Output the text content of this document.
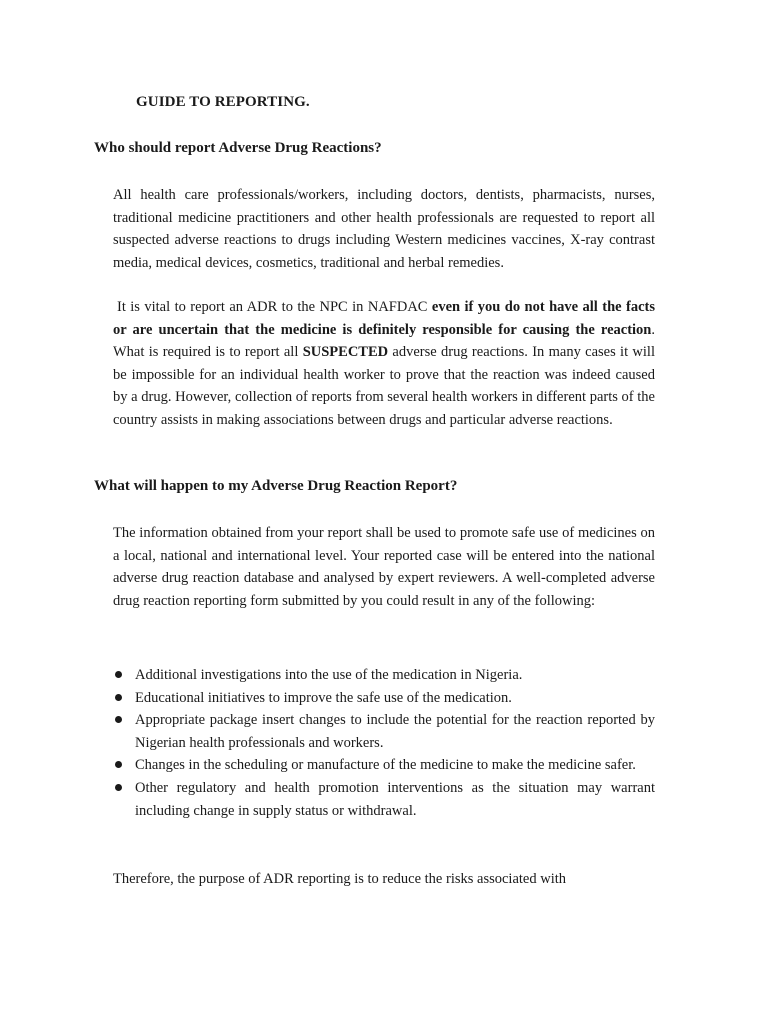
GUIDE TO REPORTING.
Who should report Adverse Drug Reactions?

All health care professionals/workers, including doctors, dentists, pharmacists, nurses, traditional medicine practitioners and other health professionals are requested to report all suspected adverse reactions to drugs including Western medicines vaccines, X-ray contrast media, medical devices, cosmetics, traditional and herbal remedies.

It is vital to report an ADR to the NPC in NAFDAC even if you do not have all the facts or are uncertain that the medicine is definitely responsible for causing the reaction. What is required is to report all SUSPECTED adverse drug reactions. In many cases it will be impossible for an individual health worker to prove that the reaction was indeed caused by a drug. However, collection of reports from several health workers in different parts of the country assists in making associations between drugs and particular adverse reactions.

What will happen to my Adverse Drug Reaction Report?

The information obtained from your report shall be used to promote safe use of medicines on a local, national and international level. Your reported case will be entered into the national adverse drug reaction database and analysed by expert reviewers. A well-completed adverse drug reaction reporting form submitted by you could result in any of the following:

Additional investigations into the use of the medication in Nigeria.
Educational initiatives to improve the safe use of the medication.
Appropriate package insert changes to include the potential for the reaction reported by Nigerian health professionals and workers.
Changes in the scheduling or manufacture of the medicine to make the medicine safer.
Other regulatory and health promotion interventions as the situation may warrant including change in supply status or withdrawal.

Therefore, the purpose of ADR reporting is to reduce the risks associated with
